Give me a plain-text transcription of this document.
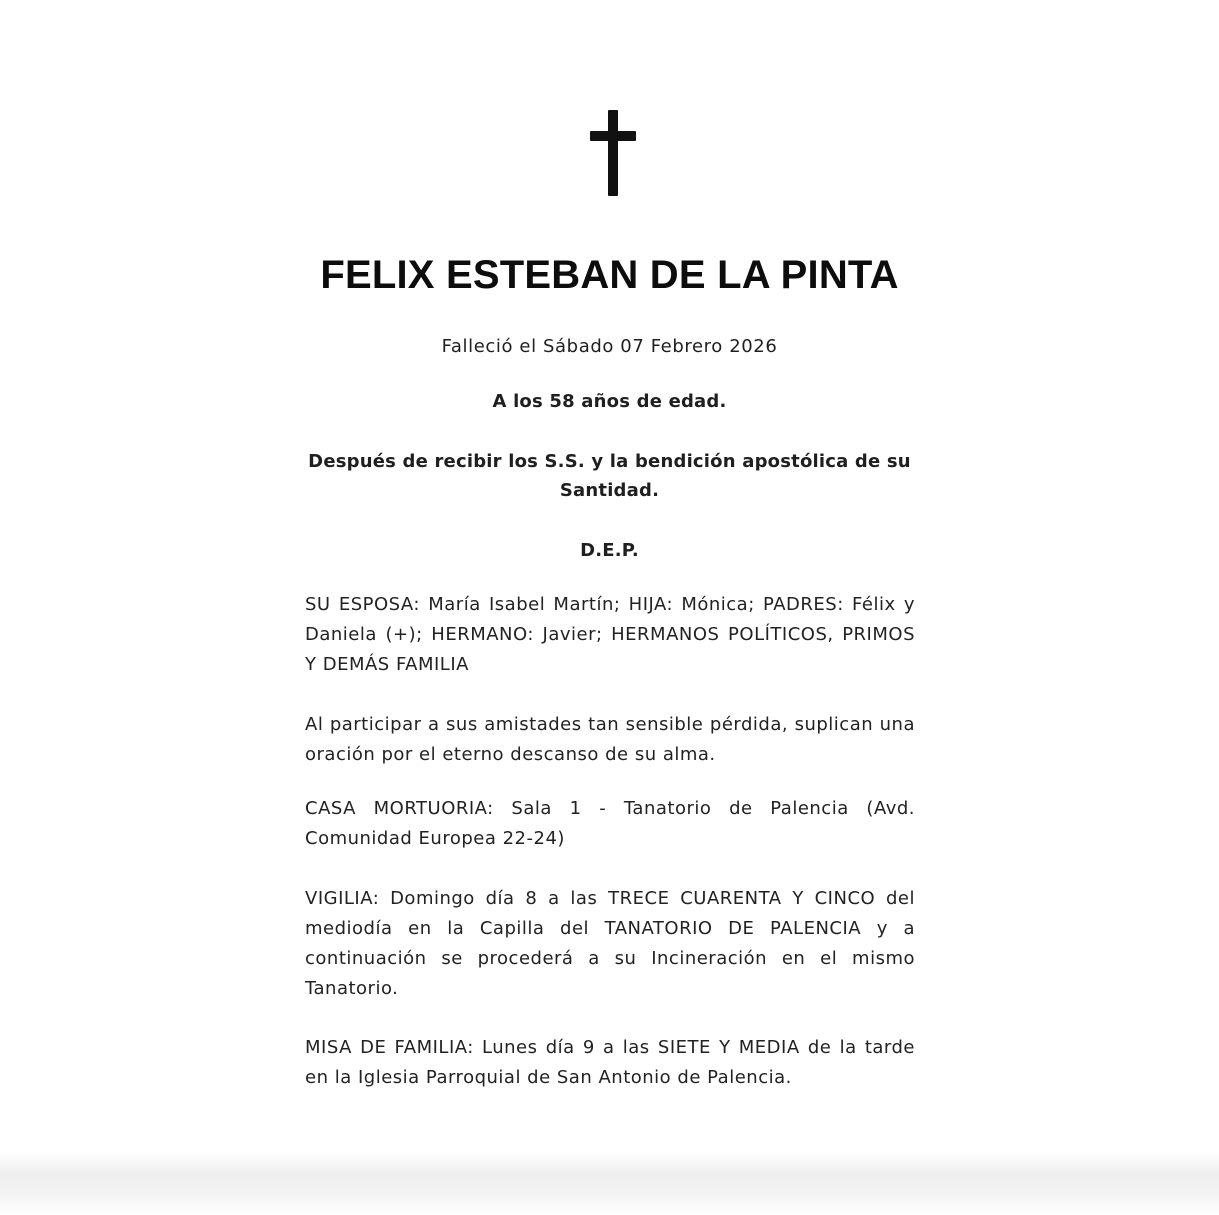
FELIX ESTEBAN DE LA PINTA
Falleció el Sábado 07 Febrero 2026
A los 58 años de edad.
Después de recibir los S.S. y la bendición apostólica de su Santidad.
D.E.P.

SU ESPOSA: María Isabel Martín; HIJA: Mónica; PADRES: Félix y Daniela (+); HERMANO: Javier; HERMANOS POLÍTICOS, PRIMOS Y DEMÁS FAMILIA

Al participar a sus amistades tan sensible pérdida, suplican una oración por el eterno descanso de su alma.

CASA MORTUORIA: Sala 1 - Tanatorio de Palencia (Avd. Comunidad Europea 22-24)

VIGILIA: Domingo día 8 a las TRECE CUARENTA Y CINCO del mediodía en la Capilla del TANATORIO DE PALENCIA y a continuación se procederá a su Incineración en el mismo Tanatorio.

MISA DE FAMILIA: Lunes día 9 a las SIETE Y MEDIA de la tarde en la Iglesia Parroquial de San Antonio de Palencia.
